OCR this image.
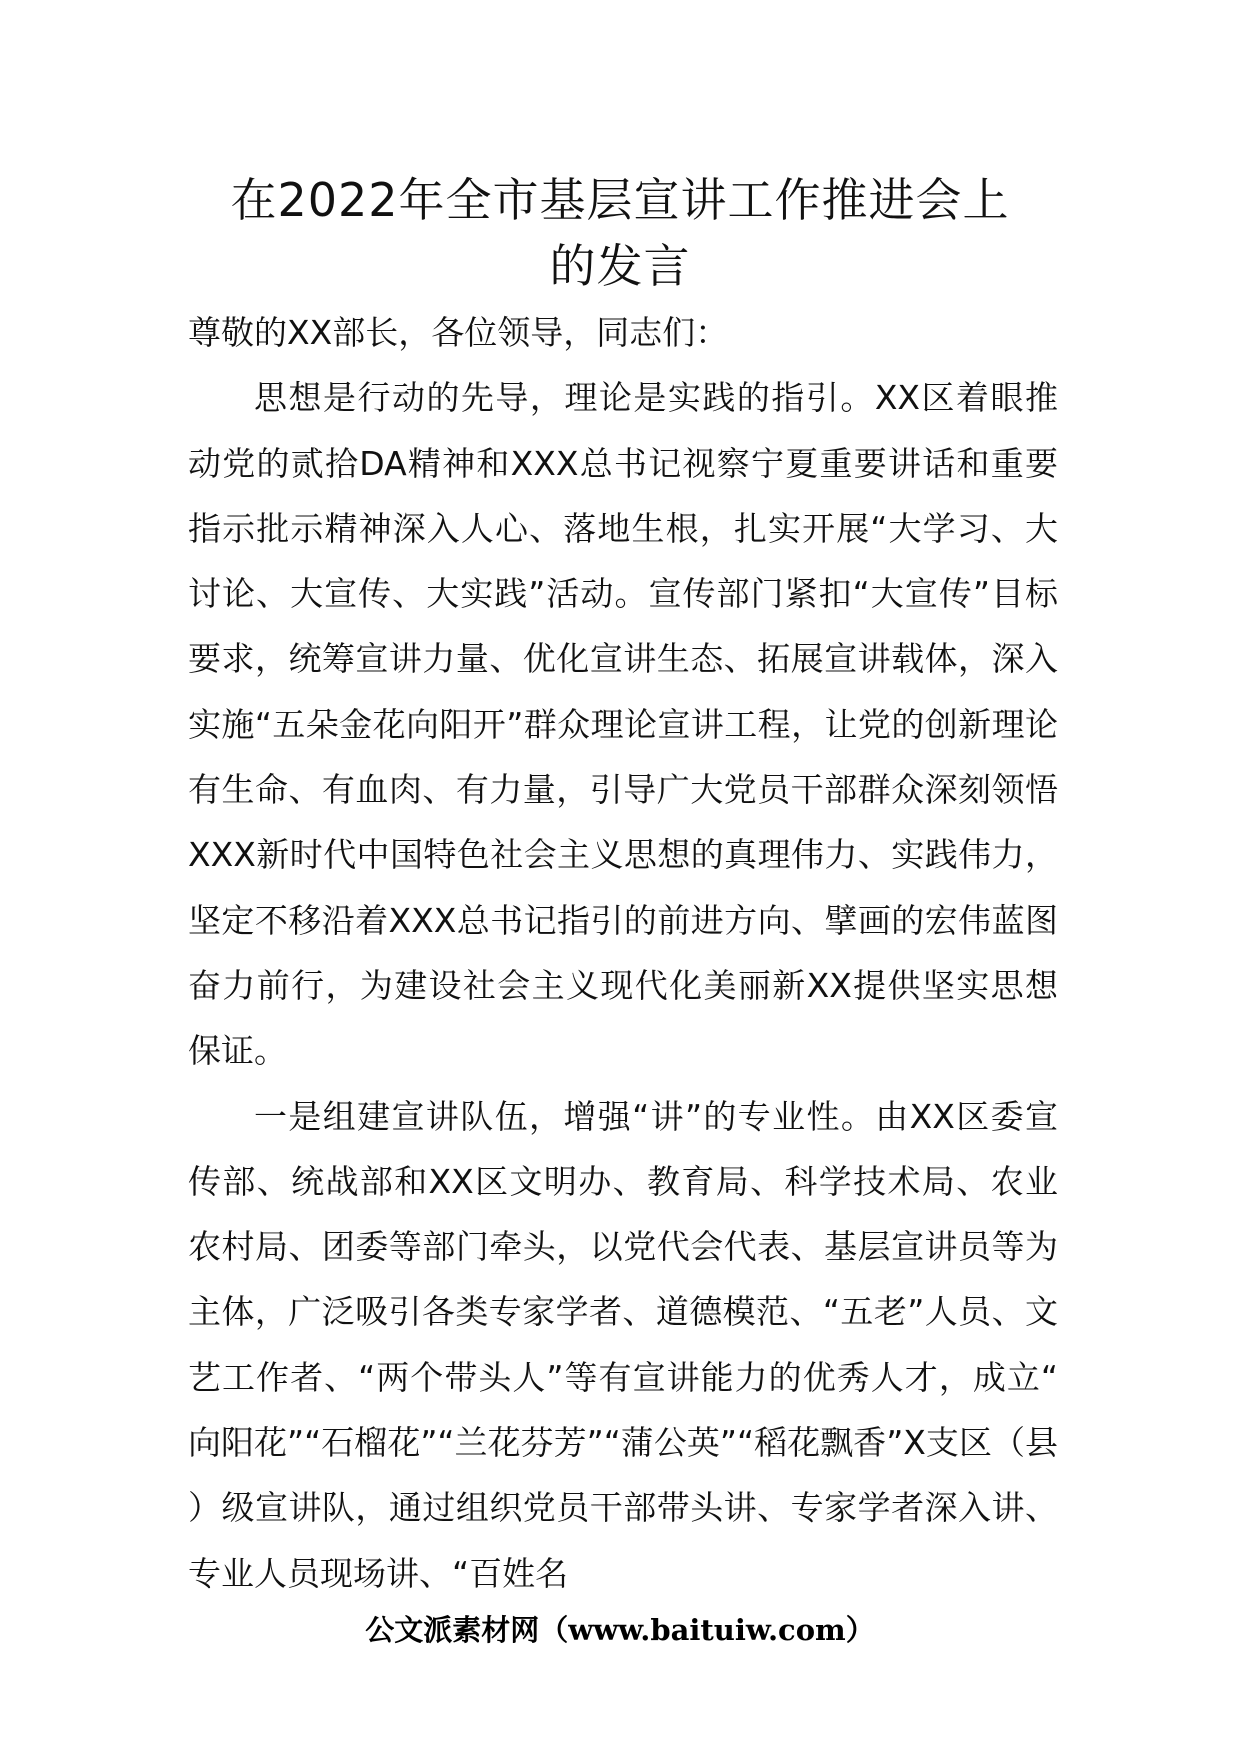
在2022年全市基层宣讲工作推进会上
的发言

尊敬的XX部长，各位领导，同志们：

思想是行动的先导，理论是实践的指引。XX区着眼推动党的贰拾DA精神和XXX总书记视察宁夏重要讲话和重要指示批示精神深入人心、落地生根，扎实开展“大学习、大讨论、大宣传、大实践”活动。宣传部门紧扣“大宣传”目标要求，统筹宣讲力量、优化宣讲生态、拓展宣讲载体，深入实施“五朵金花向阳开”群众理论宣讲工程，让党的创新理论有生命、有血肉、有力量，引导广大党员干部群众深刻领悟XXX新时代中国特色社会主义思想的真理伟力、实践伟力，坚定不移沿着XXX总书记指引的前进方向、擘画的宏伟蓝图奋力前行，为建设社会主义现代化美丽新XX提供坚实思想保证。

一是组建宣讲队伍，增强“讲”的专业性。由XX区委宣传部、统战部和XX区文明办、教育局、科学技术局、农业农村局、团委等部门牵头，以党代会代表、基层宣讲员等为主体，广泛吸引各类专家学者、道德模范、“五老”人员、文艺工作者、“两个带头人”等有宣讲能力的优秀人才，成立“向阳花”“石榴花”“兰花芬芳”“蒲公英”“稻花飘香”X支区（县）级宣讲队，通过组织党员干部带头讲、专家学者深入讲、专业人员现场讲、“百姓名

公文派素材网（www.baituiw.com）
